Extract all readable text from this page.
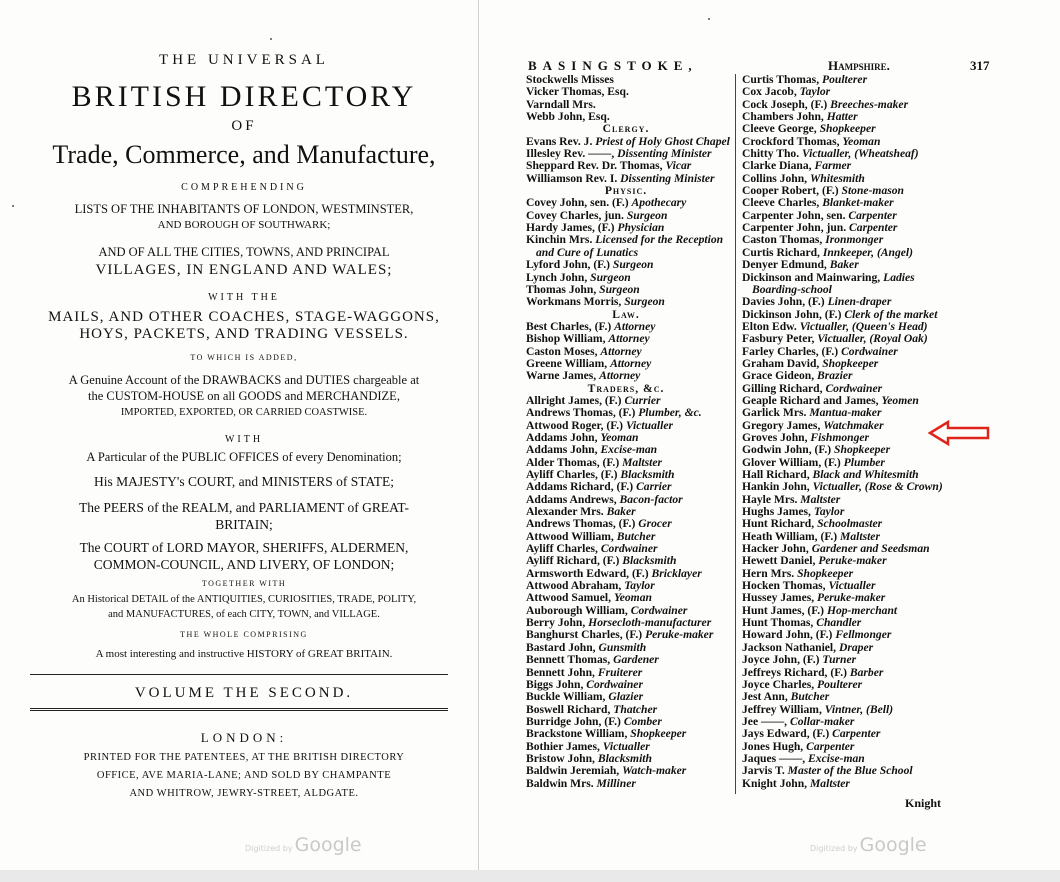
THE UNIVERSAL
BRITISH DIRECTORY
OF
Trade, Commerce, and Manufacture,
COMPREHENDING
LISTS OF THE INHABITANTS OF LONDON, WESTMINSTER,
AND BOROUGH OF SOUTHWARK;
AND OF ALL THE CITIES, TOWNS, AND PRINCIPAL
VILLAGES, IN ENGLAND AND WALES;
WITH THE
MAILS, AND OTHER COACHES, STAGE-WAGGONS,
HOYS, PACKETS, AND TRADING VESSELS.
TO WHICH IS ADDED,
A Genuine Account of the DRAWBACKS and DUTIES chargeable at
the CUSTOM-HOUSE on all GOODS and MERCHANDIZE,
IMPORTED, EXPORTED, OR CARRIED COASTWISE.
WITH
A Particular of the PUBLIC OFFICES of every Denomination;
His MAJESTY's COURT, and MINISTERS of STATE;
The PEERS of the REALM, and PARLIAMENT of GREAT-
BRITAIN;
The COURT of LORD MAYOR, SHERIFFS, ALDERMEN,
COMMON-COUNCIL, AND LIVERY, OF LONDON;
TOGETHER WITH
An Historical DETAIL of the ANTIQUITIES, CURIOSITIES, TRADE, POLITY,
and MANUFACTURES, of each CITY, TOWN, and VILLAGE.
THE WHOLE COMPRISING
A most interesting and instructive HISTORY of GREAT BRITAIN.
VOLUME THE SECOND.
LONDON:
PRINTED FOR THE PATENTEES, AT THE BRITISH DIRECTORY
OFFICE, AVE MARIA-LANE; AND SOLD BY CHAMPANTE
AND WHITROW, JEWRY-STREET, ALDGATE.
Digitized by Google
BASINGSTOKE,	Hampshire.	317
Stockwells Misses
Vicker Thomas, Esq.
Varndall Mrs.
Webb John, Esq.
Clergy.
Evans Rev. J. Priest of Holy Ghost Chapel
Illesley Rev. ——, Dissenting Minister
Sheppard Rev. Dr. Thomas, Vicar
Williamson Rev. I. Dissenting Minister
Physic.
Covey John, sen. (F.) Apothecary
Covey Charles, jun. Surgeon
Hardy James, (F.) Physician
Kinchin Mrs. Licensed for the Reception
and Cure of Lunatics
Lyford John, (F.) Surgeon
Lynch John, Surgeon
Thomas John, Surgeon
Workmans Morris, Surgeon
Law.
Best Charles, (F.) Attorney
Bishop William, Attorney
Caston Moses, Attorney
Greene William, Attorney
Warne James, Attorney
Traders, &c.
Allright James, (F.) Currier
Andrews Thomas, (F.) Plumber, &c.
Attwood Roger, (F.) Victualler
Addams John, Yeoman
Addams John, Excise-man
Alder Thomas, (F.) Maltster
Ayliff Charles, (F.) Blacksmith
Addams Richard, (F.) Carrier
Addams Andrews, Bacon-factor
Alexander Mrs. Baker
Andrews Thomas, (F.) Grocer
Attwood William, Butcher
Ayliff Charles, Cordwainer
Ayliff Richard, (F.) Blacksmith
Armsworth Edward, (F.) Bricklayer
Attwood Abraham, Taylor
Attwood Samuel, Yeoman
Auborough William, Cordwainer
Berry John, Horsecloth-manufacturer
Banghurst Charles, (F.) Peruke-maker
Bastard John, Gunsmith
Bennett Thomas, Gardener
Bennett John, Fruiterer
Biggs John, Cordwainer
Buckle William, Glazier
Boswell Richard, Thatcher
Burridge John, (F.) Comber
Brackstone William, Shopkeeper
Bothier James, Victualler
Bristow John, Blacksmith
Baldwin Jeremiah, Watch-maker
Baldwin Mrs. Milliner
Curtis Thomas, Poulterer
Cox Jacob, Taylor
Cock Joseph, (F.) Breeches-maker
Chambers John, Hatter
Cleeve George, Shopkeeper
Crockford Thomas, Yeoman
Chitty Tho. Victualler, (Wheatsheaf)
Clarke Diana, Farmer
Collins John, Whitesmith
Cooper Robert, (F.) Stone-mason
Cleeve Charles, Blanket-maker
Carpenter John, sen. Carpenter
Carpenter John, jun. Carpenter
Caston Thomas, Ironmonger
Curtis Richard, Innkeeper, (Angel)
Denyer Edmund, Baker
Dickinson and Mainwaring, Ladies
Boarding-school
Davies John, (F.) Linen-draper
Dickinson John, (F.) Clerk of the market
Elton Edw. Victualler, (Queen's Head)
Fasbury Peter, Victualler, (Royal Oak)
Farley Charles, (F.) Cordwainer
Graham David, Shopkeeper
Grace Gideon, Brazier
Gilling Richard, Cordwainer
Geaple Richard and James, Yeomen
Garlick Mrs. Mantua-maker
Gregory James, Watchmaker
Groves John, Fishmonger
Godwin John, (F.) Shopkeeper
Glover William, (F.) Plumber
Hall Richard, Black and Whitesmith
Hankin John, Victualler, (Rose & Crown)
Hayle Mrs. Maltster
Hughs James, Taylor
Hunt Richard, Schoolmaster
Heath William, (F.) Maltster
Hacker John, Gardener and Seedsman
Hewett Daniel, Peruke-maker
Hern Mrs. Shopkeeper
Hocken Thomas, Victualler
Hussey James, Peruke-maker
Hunt James, (F.) Hop-merchant
Hunt Thomas, Chandler
Howard John, (F.) Fellmonger
Jackson Nathaniel, Draper
Joyce John, (F.) Turner
Jeffreys Richard, (F.) Barber
Joyce Charles, Poulterer
Jest Ann, Butcher
Jeffrey William, Vintner, (Bell)
Jee ——, Collar-maker
Jays Edward, (F.) Carpenter
Jones Hugh, Carpenter
Jaques ——, Excise-man
Jarvis T. Master of the Blue School
Knight John, Maltster
Knight
Digitized by Google
